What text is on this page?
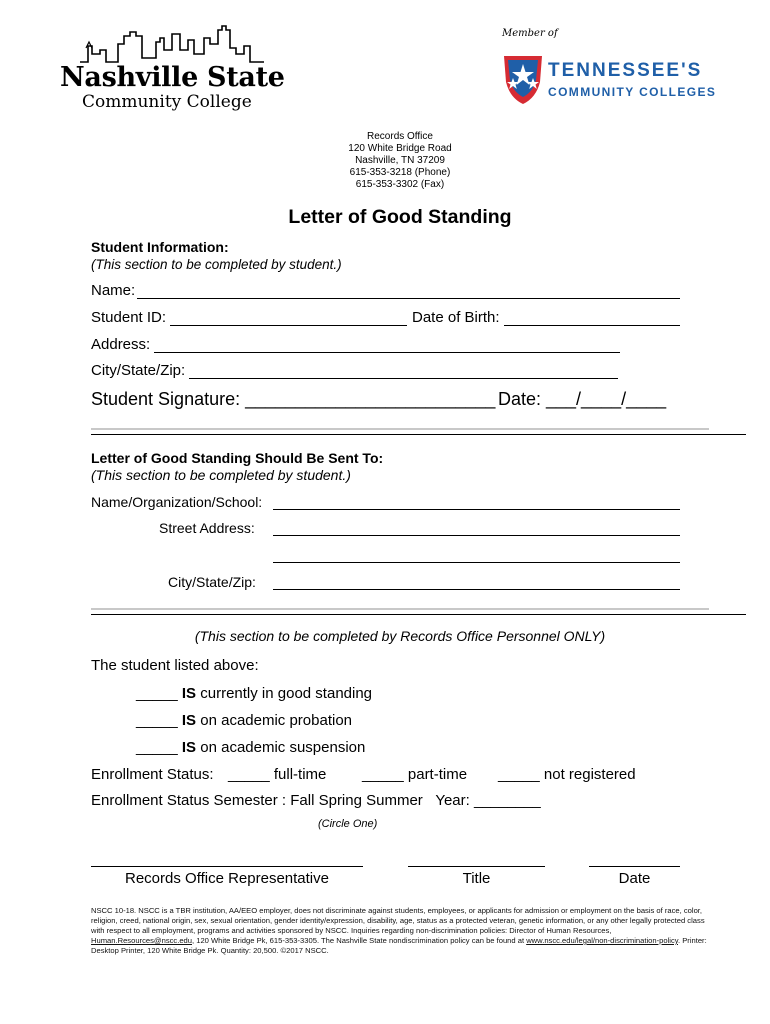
Nashville State
Community College
Member of
TENNESSEE'S
COMMUNITY COLLEGES
Records Office
120 White Bridge Road
Nashville, TN 37209
615-353-3218 (Phone)
615-353-3302 (Fax)
Letter of Good Standing
Student Information:
(This section to be completed by student.)
Name:
Student ID:	Date of Birth:
Address:
City/State/Zip:
Student Signature: _________________________ Date: ___/____/____
Letter of Good Standing Should Be Sent To:
(This section to be completed by student.)
Name/Organization/School:
Street Address:
City/State/Zip:
(This section to be completed by Records Office Personnel ONLY)
The student listed above:
_____ IS currently in good standing
_____ IS on academic probation
_____ IS on academic suspension
Enrollment Status: _____ full-time _____ part-time _____ not registered
Enrollment Status Semester : Fall Spring Summer Year: ________
(Circle One)
Records Office Representative	Title	Date
NSCC 10-18. NSCC is a TBR institution, AA/EEO employer, does not discriminate against students, employees, or applicants for admission or employment on the basis of race, color, religion, creed, national origin, sex, sexual orientation, gender identity/expression, disability, age, status as a protected veteran, genetic information, or any other legally protected class with respect to all employment, programs and activities sponsored by NSCC. Inquiries regarding non-discrimination policies: Director of Human Resources, Human.Resources@nscc.edu, 120 White Bridge Pk, 615-353-3305. The Nashville State nondiscrimination policy can be found at www.nscc.edu/legal/non-discrimination-policy. Printer: Desktop Printer, 120 White Bridge Pk. Quantity: 20,500. ©2017 NSCC.
